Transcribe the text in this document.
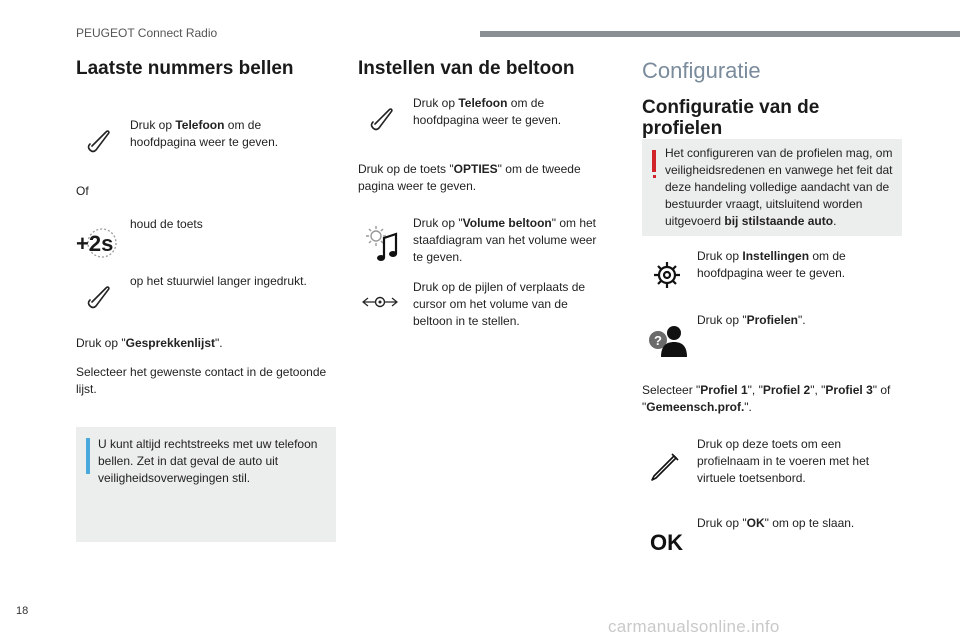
PEUGEOT Connect Radio
Laatste nummers bellen
Druk op Telefoon om de hoofdpagina weer te geven.
Of
+2s
houd de toets
op het stuurwiel langer ingedrukt.
Druk op "Gesprekkenlijst".
Selecteer het gewenste contact in de getoonde lijst.
U kunt altijd rechtstreeks met uw telefoon bellen. Zet in dat geval de auto uit veiligheidsoverwegingen stil.
Instellen van de beltoon
Druk op Telefoon om de hoofdpagina weer te geven.
Druk op de toets "OPTIES" om de tweede pagina weer te geven.
Druk op "Volume beltoon" om het staafdiagram van het volume weer te geven.
Druk op de pijlen of verplaats de cursor om het volume van de beltoon in te stellen.
Configuratie
Configuratie van de profielen
Het configureren van de profielen mag, om veiligheidsredenen en vanwege het feit dat deze handeling volledige aandacht van de bestuurder vraagt, uitsluitend worden uitgevoerd bij stilstaande auto.
Druk op Instellingen om de hoofdpagina weer te geven.
?
Druk op "Profielen".
Selecteer "Profiel 1", "Profiel 2", "Profiel 3" of "Gemeensch.prof.".
Druk op deze toets om een profielnaam in te voeren met het virtuele toetsenbord.
OK
Druk op "OK" om op te slaan.
18
carmanualsonline.info
